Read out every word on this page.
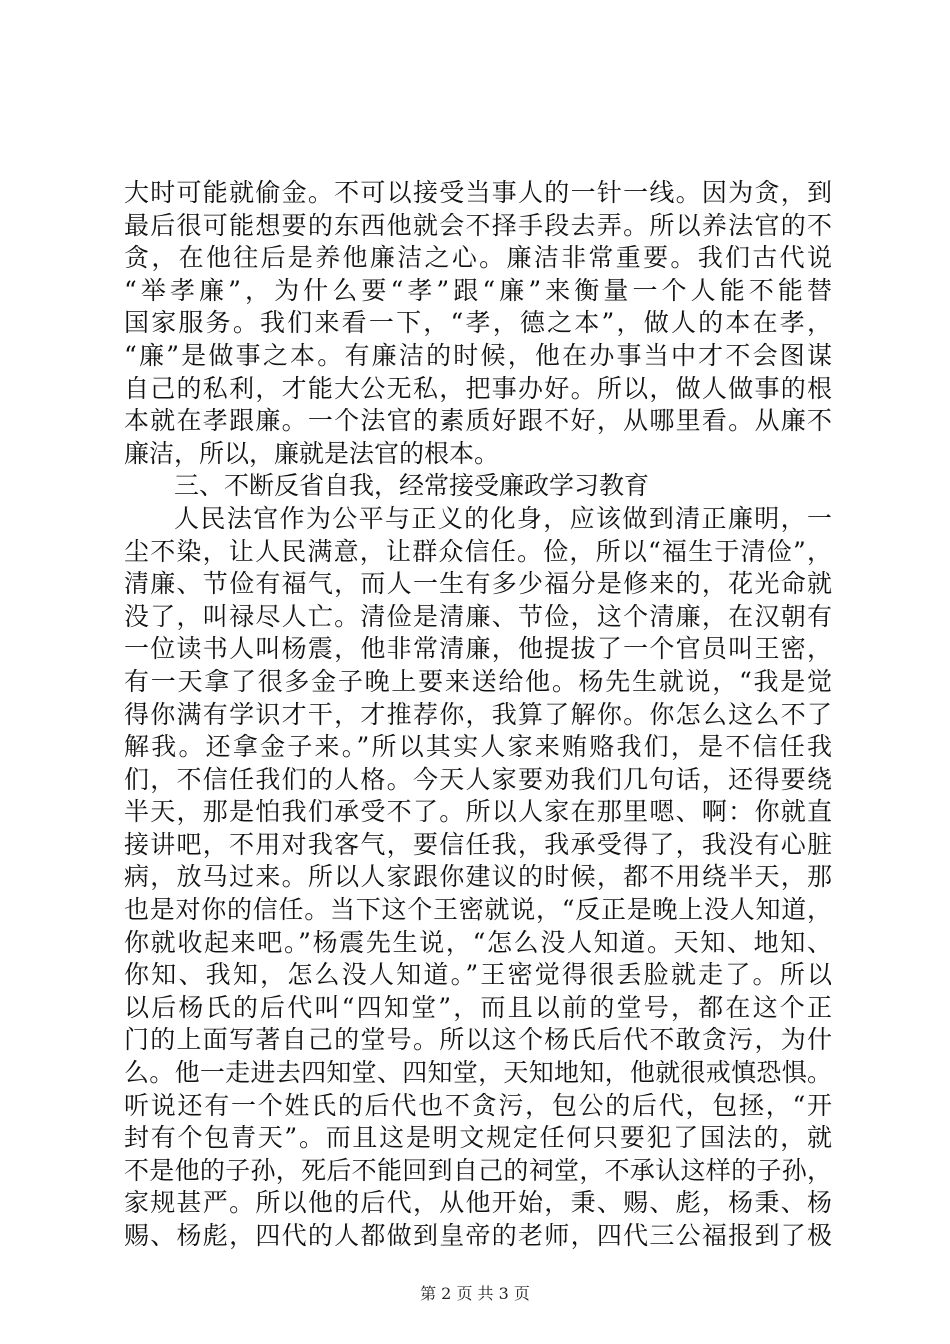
大时可能就偷金。不可以接受当事人的一针一线。因为贪，到
最后很可能想要的东西他就会不择手段去弄。所以养法官的不
贪，在他往后是养他廉洁之心。廉洁非常重要。我们古代说
“举孝廉”，为什么要“孝”跟“廉”来衡量一个人能不能替
国家服务。我们来看一下，“孝，德之本”，做人的本在孝，
“廉”是做事之本。有廉洁的时候，他在办事当中才不会图谋
自己的私利，才能大公无私，把事办好。所以，做人做事的根
本就在孝跟廉。一个法官的素质好跟不好，从哪里看。从廉不
廉洁，所以，廉就是法官的根本。
三、不断反省自我，经常接受廉政学习教育
人民法官作为公平与正义的化身，应该做到清正廉明，一
尘不染，让人民满意，让群众信任。俭，所以“福生于清俭”，
清廉、节俭有福气，而人一生有多少福分是修来的，花光命就
没了，叫禄尽人亡。清俭是清廉、节俭，这个清廉，在汉朝有
一位读书人叫杨震，他非常清廉，他提拔了一个官员叫王密，
有一天拿了很多金子晚上要来送给他。杨先生就说，“我是觉
得你满有学识才干，才推荐你，我算了解你。你怎么这么不了
解我。还拿金子来。”所以其实人家来贿赂我们，是不信任我
们，不信任我们的人格。今天人家要劝我们几句话，还得要绕
半天，那是怕我们承受不了。所以人家在那里嗯、啊：你就直
接讲吧，不用对我客气，要信任我，我承受得了，我没有心脏
病，放马过来。所以人家跟你建议的时候，都不用绕半天，那
也是对你的信任。当下这个王密就说，“反正是晚上没人知道，
你就收起来吧。”杨震先生说，“怎么没人知道。天知、地知、
你知、我知，怎么没人知道。”王密觉得很丢脸就走了。所以
以后杨氏的后代叫“四知堂”，而且以前的堂号，都在这个正
门的上面写著自己的堂号。所以这个杨氏后代不敢贪污，为什
么。他一走进去四知堂、四知堂，天知地知，他就很戒慎恐惧。
听说还有一个姓氏的后代也不贪污，包公的后代，包拯，“开
封有个包青天”。而且这是明文规定任何只要犯了国法的，就
不是他的子孙，死后不能回到自己的祠堂，不承认这样的子孙，
家规甚严。所以他的后代，从他开始，秉、赐、彪，杨秉、杨
赐、杨彪，四代的人都做到皇帝的老师，四代三公福报到了极
第 2 页 共 3 页
